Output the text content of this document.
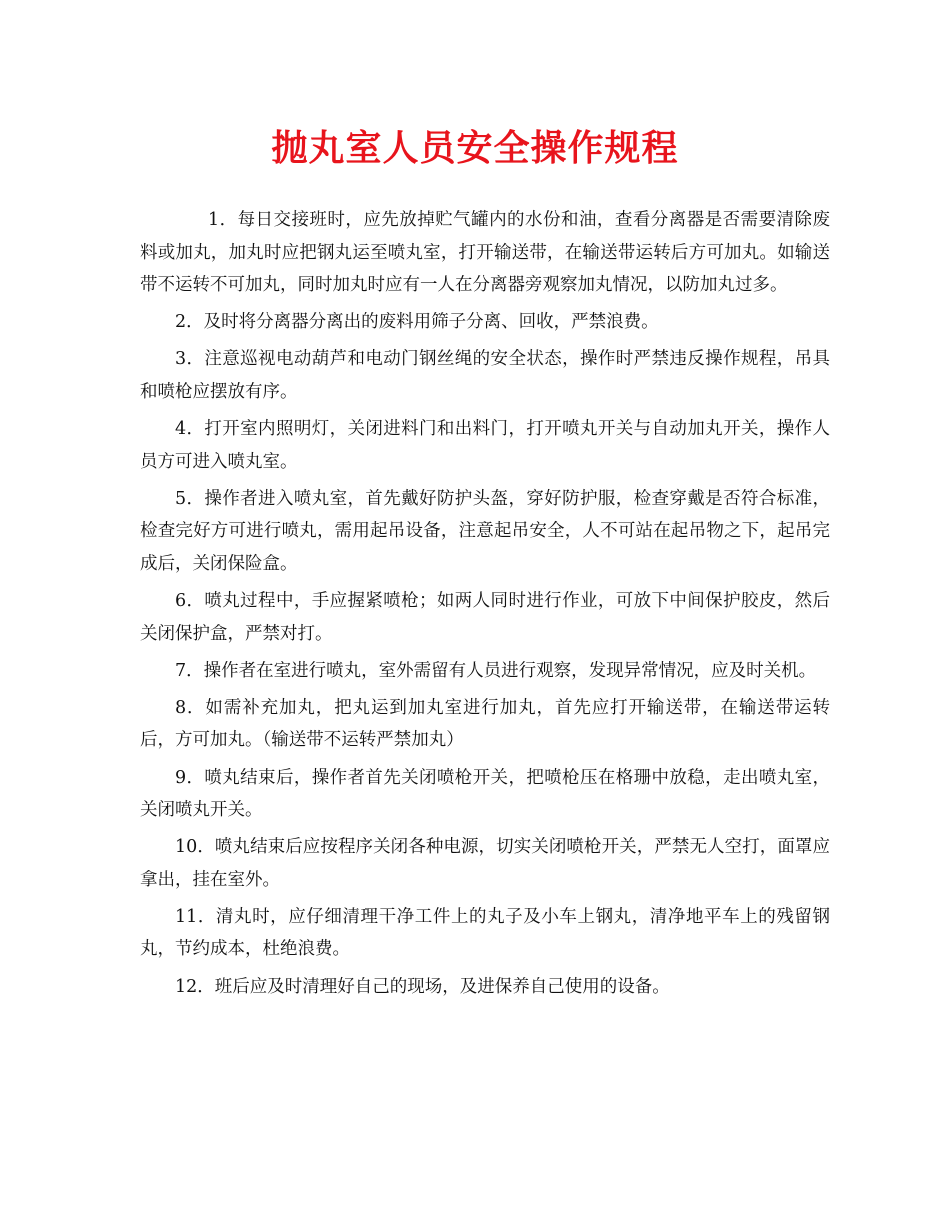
抛丸室人员安全操作规程

1．每日交接班时，应先放掉贮气罐内的水份和油，查看分离器是否需要清除废料或加丸，加丸时应把钢丸运至喷丸室，打开输送带，在输送带运转后方可加丸。如输送带不运转不可加丸，同时加丸时应有一人在分离器旁观察加丸情况，以防加丸过多。

2．及时将分离器分离出的废料用筛子分离、回收，严禁浪费。

3．注意巡视电动葫芦和电动门钢丝绳的安全状态，操作时严禁违反操作规程，吊具和喷枪应摆放有序。

4．打开室内照明灯，关闭进料门和出料门，打开喷丸开关与自动加丸开关，操作人员方可进入喷丸室。

5．操作者进入喷丸室，首先戴好防护头盔，穿好防护服，检查穿戴是否符合标准，检查完好方可进行喷丸，需用起吊设备，注意起吊安全，人不可站在起吊物之下，起吊完成后，关闭保险盒。

6．喷丸过程中，手应握紧喷枪；如两人同时进行作业，可放下中间保护胶皮，然后关闭保护盒，严禁对打。

7．操作者在室进行喷丸，室外需留有人员进行观察，发现异常情况，应及时关机。

8．如需补充加丸，把丸运到加丸室进行加丸，首先应打开输送带，在输送带运转后，方可加丸。（输送带不运转严禁加丸）

9．喷丸结束后，操作者首先关闭喷枪开关，把喷枪压在格珊中放稳，走出喷丸室，关闭喷丸开关。

10．喷丸结束后应按程序关闭各种电源，切实关闭喷枪开关，严禁无人空打，面罩应拿出，挂在室外。

11．清丸时，应仔细清理干净工件上的丸子及小车上钢丸，清净地平车上的残留钢丸，节约成本，杜绝浪费。

12．班后应及时清理好自己的现场，及进保养自己使用的设备。
